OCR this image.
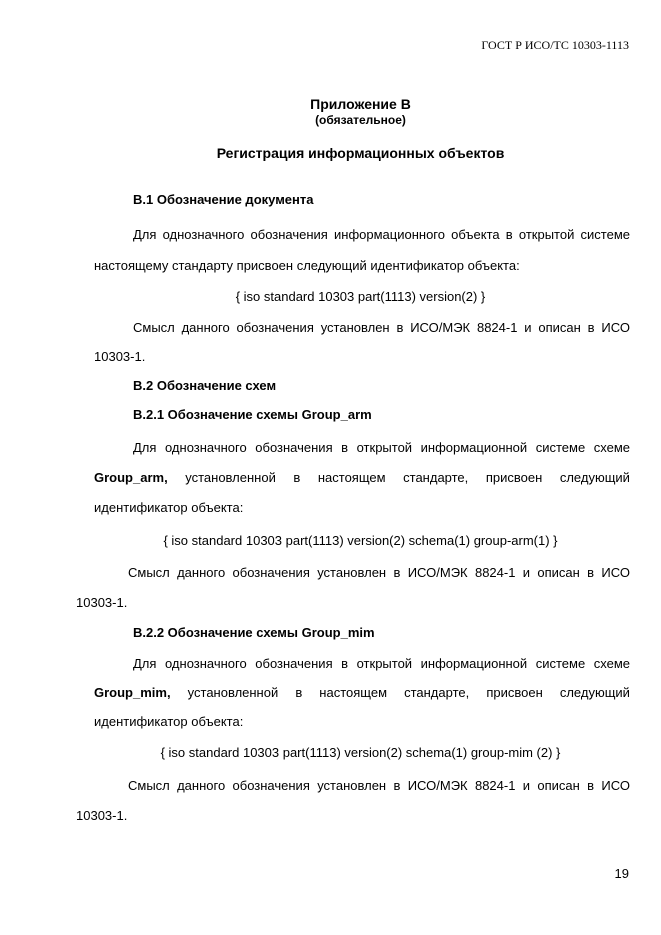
ГОСТ Р ИСО/ТС 10303-1113
Приложение В
(обязательное)
Регистрация информационных объектов
В.1 Обозначение документа
Для однозначного обозначения информационного объекта в открытой системе
настоящему стандарту присвоен следующий идентификатор объекта:
{ iso standard 10303 part(1113) version(2) }
Смысл данного обозначения установлен в ИСО/МЭК 8824-1 и описан в ИСО
10303-1.
В.2 Обозначение схем
В.2.1 Обозначение схемы Group_arm
Для однозначного обозначения в открытой информационной системе схеме
Group_arm, установленной в настоящем стандарте, присвоен следующий
идентификатор объекта:
{ iso standard 10303 part(1113) version(2) schema(1) group-arm(1) }
Смысл данного обозначения установлен в ИСО/МЭК 8824-1 и описан в ИСО
10303-1.
В.2.2 Обозначение схемы Group_mim
Для однозначного обозначения в открытой информационной системе схеме
Group_mim, установленной в настоящем стандарте, присвоен следующий
идентификатор объекта:
{ iso standard 10303 part(1113) version(2) schema(1) group-mim (2) }
Смысл данного обозначения установлен в ИСО/МЭК 8824-1 и описан в ИСО
10303-1.
19
